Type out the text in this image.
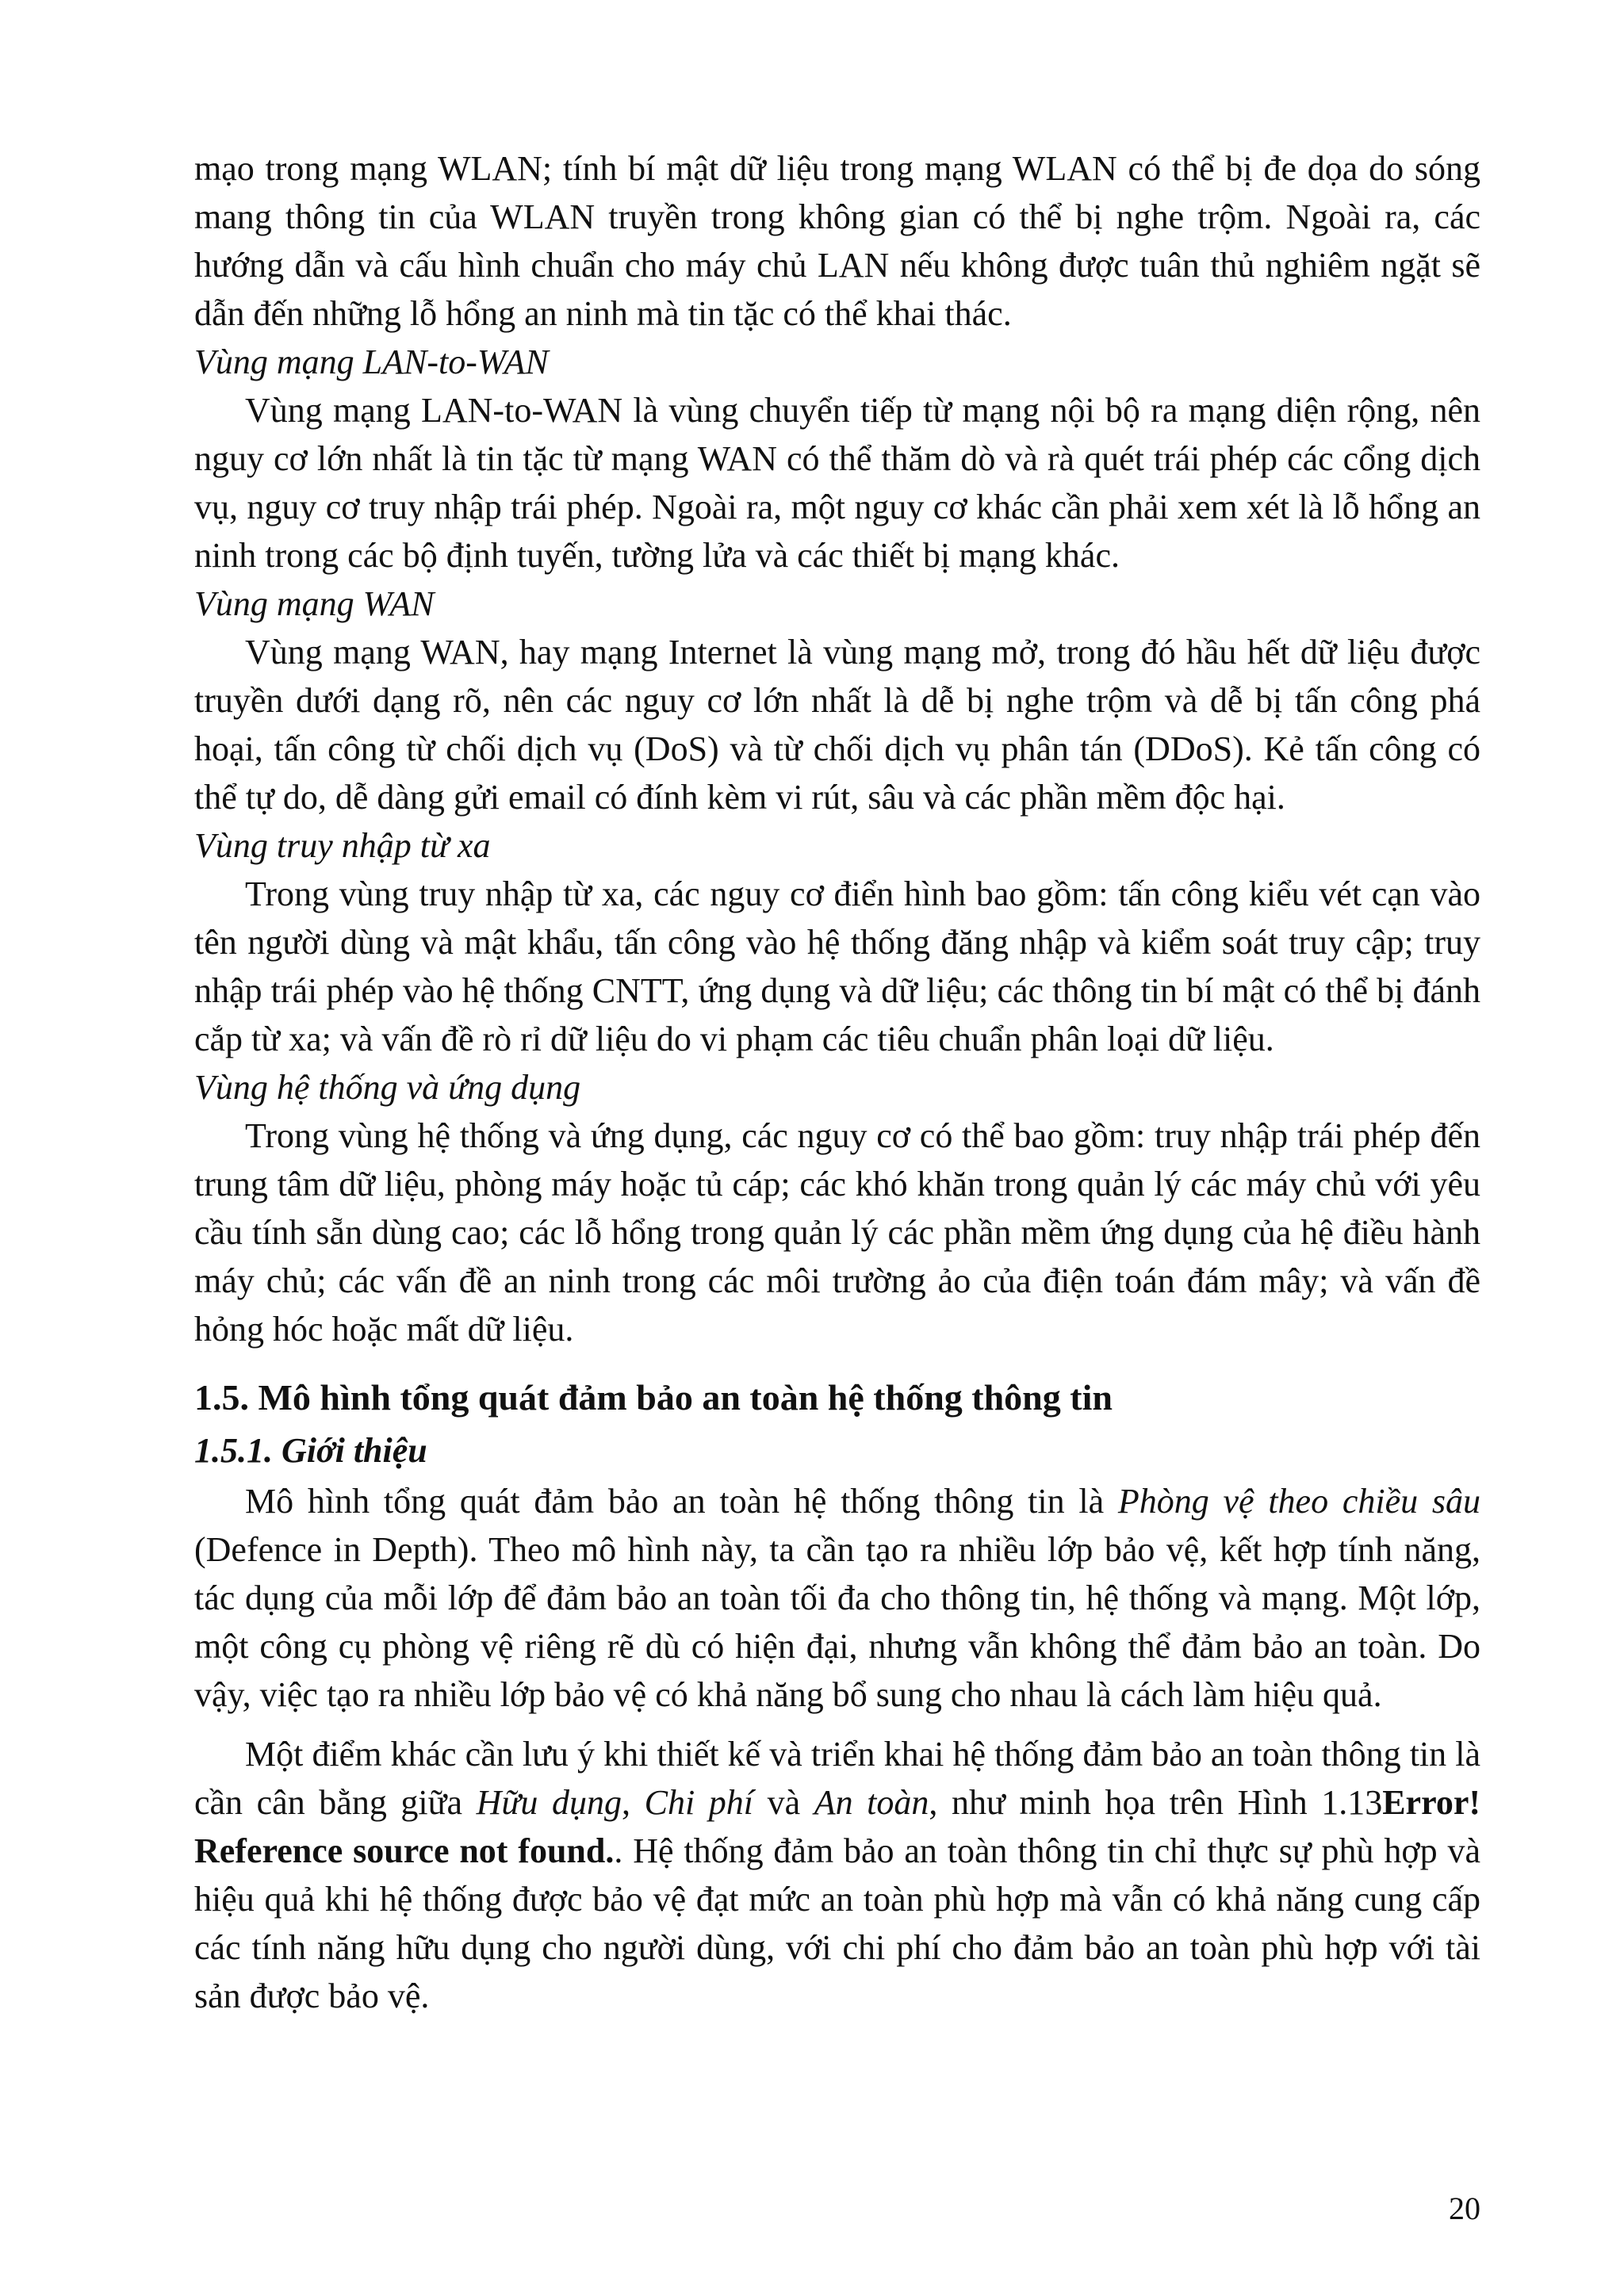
mạo trong mạng WLAN; tính bí mật dữ liệu trong mạng WLAN có thể bị đe dọa do sóng mang thông tin của WLAN truyền trong không gian có thể bị nghe trộm. Ngoài ra, các hướng dẫn và cấu hình chuẩn cho máy chủ LAN nếu không được tuân thủ nghiêm ngặt sẽ dẫn đến những lỗ hổng an ninh mà tin tặc có thể khai thác.

Vùng mạng LAN-to-WAN

Vùng mạng LAN-to-WAN là vùng chuyển tiếp từ mạng nội bộ ra mạng diện rộng, nên nguy cơ lớn nhất là tin tặc từ mạng WAN có thể thăm dò và rà quét trái phép các cổng dịch vụ, nguy cơ truy nhập trái phép. Ngoài ra, một nguy cơ khác cần phải xem xét là lỗ hổng an ninh trong các bộ định tuyến, tường lửa và các thiết bị mạng khác.

Vùng mạng WAN

Vùng mạng WAN, hay mạng Internet là vùng mạng mở, trong đó hầu hết dữ liệu được truyền dưới dạng rõ, nên các nguy cơ lớn nhất là dễ bị nghe trộm và dễ bị tấn công phá hoại, tấn công từ chối dịch vụ (DoS) và từ chối dịch vụ phân tán (DDoS). Kẻ tấn công có thể tự do, dễ dàng gửi email có đính kèm vi rút, sâu và các phần mềm độc hại.

Vùng truy nhập từ xa

Trong vùng truy nhập từ xa, các nguy cơ điển hình bao gồm: tấn công kiểu vét cạn vào tên người dùng và mật khẩu, tấn công vào hệ thống đăng nhập và kiểm soát truy cập; truy nhập trái phép vào hệ thống CNTT, ứng dụng và dữ liệu; các thông tin bí mật có thể bị đánh cắp từ xa; và vấn đề rò rỉ dữ liệu do vi phạm các tiêu chuẩn phân loại dữ liệu.

Vùng hệ thống và ứng dụng

Trong vùng hệ thống và ứng dụng, các nguy cơ có thể bao gồm: truy nhập trái phép đến trung tâm dữ liệu, phòng máy hoặc tủ cáp; các khó khăn trong quản lý các máy chủ với yêu cầu tính sẵn dùng cao; các lỗ hổng trong quản lý các phần mềm ứng dụng của hệ điều hành máy chủ; các vấn đề an ninh trong các môi trường ảo của điện toán đám mây; và vấn đề hỏng hóc hoặc mất dữ liệu.

1.5. Mô hình tổng quát đảm bảo an toàn hệ thống thông tin
1.5.1. Giới thiệu

Mô hình tổng quát đảm bảo an toàn hệ thống thông tin là Phòng vệ theo chiều sâu (Defence in Depth). Theo mô hình này, ta cần tạo ra nhiều lớp bảo vệ, kết hợp tính năng, tác dụng của mỗi lớp để đảm bảo an toàn tối đa cho thông tin, hệ thống và mạng. Một lớp, một công cụ phòng vệ riêng rẽ dù có hiện đại, nhưng vẫn không thể đảm bảo an toàn. Do vậy, việc tạo ra nhiều lớp bảo vệ có khả năng bổ sung cho nhau là cách làm hiệu quả.

Một điểm khác cần lưu ý khi thiết kế và triển khai hệ thống đảm bảo an toàn thông tin là cần cân bằng giữa Hữu dụng, Chi phí và An toàn, như minh họa trên Hình 1.13Error! Reference source not found.. Hệ thống đảm bảo an toàn thông tin chỉ thực sự phù hợp và hiệu quả khi hệ thống được bảo vệ đạt mức an toàn phù hợp mà vẫn có khả năng cung cấp các tính năng hữu dụng cho người dùng, với chi phí cho đảm bảo an toàn phù hợp với tài sản được bảo vệ.

20
